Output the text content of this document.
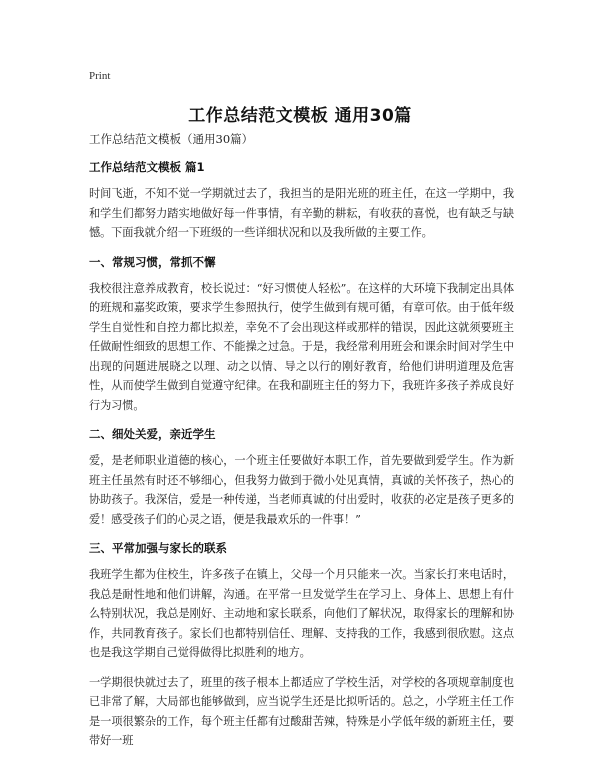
Print
工作总结范文模板 通用30篇

工作总结范文模板（通用30篇）

工作总结范文模板 篇1

时间飞逝，不知不觉一学期就过去了，我担当的是阳光班的班主任，在这一学期中，我和学生们都努力踏实地做好每一件事情，有辛勤的耕耘，有收获的喜悦，也有缺乏与缺憾。下面我就介绍一下班级的一些详细状况和以及我所做的主要工作。

一、常规习惯，常抓不懈

我校很注意养成教育，校长说过：“好习惯使人轻松”。在这样的大环境下我制定出具体的班规和嘉奖政策，要求学生参照执行，使学生做到有规可循，有章可依。由于低年级学生自觉性和自控力都比拟差，幸免不了会出现这样或那样的错误，因此这就须要班主任做耐性细致的思想工作、不能操之过急。于是，我经常利用班会和课余时间对学生中出现的问题进展晓之以理、动之以情、导之以行的刚好教育，给他们讲明道理及危害性，从而使学生做到自觉遵守纪律。在我和副班主任的努力下，我班许多孩子养成良好行为习惯。

二、细处关爱，亲近学生

爱，是老师职业道德的核心，一个班主任要做好本职工作，首先要做到爱学生。作为新班主任虽然有时还不够细心，但我努力做到于微小处见真情，真诚的关怀孩子，热心的协助孩子。我深信，爱是一种传递，当老师真诚的付出爱时，收获的必定是孩子更多的爱！感受孩子们的心灵之语，便是我最欢乐的一件事！”

三、平常加强与家长的联系

我班学生都为住校生，许多孩子在镇上，父母一个月只能来一次。当家长打来电话时，我总是耐性地和他们讲解，沟通。在平常一旦发觉学生在学习上、身体上、思想上有什么特别状况，我总是刚好、主动地和家长联系，向他们了解状况，取得家长的理解和协作，共同教育孩子。家长们也都特别信任、理解、支持我的工作，我感到很欣慰。这点也是我这学期自己觉得做得比拟胜利的地方。

一学期很快就过去了，班里的孩子根本上都适应了学校生活，对学校的各项规章制度也已非常了解，大局部也能够做到，应当说学生还是比拟听话的。总之，小学班主任工作是一项很繁杂的工作，每个班主任都有过酸甜苦辣，特殊是小学低年级的新班主任，要带好一班
